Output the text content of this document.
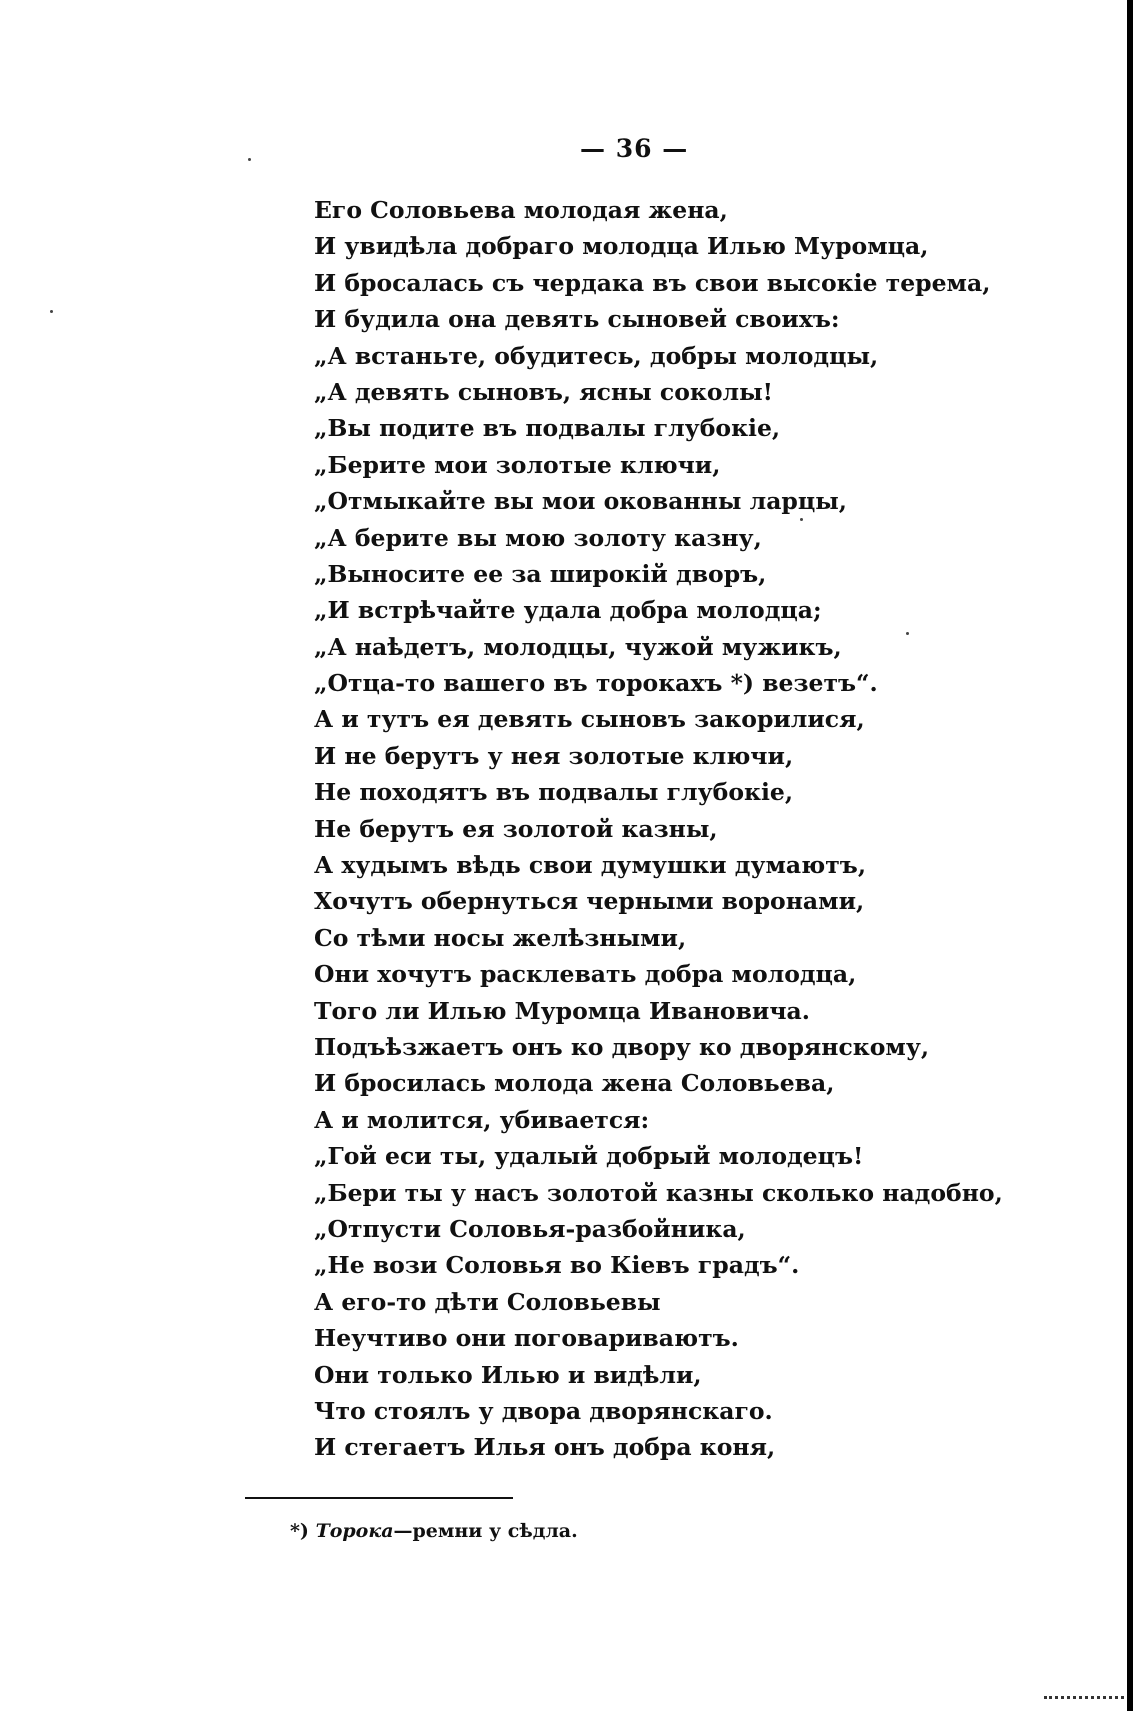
— 36 —
Его Соловьева молодая жена,
И увидѣла добраго молодца Илью Муромца,
И бросалась съ чердака въ свои высокiе терема,
И будила она девять сыновей своихъ:
„А встаньте, обудитесь, добры молодцы,
„А девять сыновъ, ясны соколы!
„Вы подите въ подвалы глубокiе,
„Берите мои золотые ключи,
„Отмыкайте вы мои окованны ларцы,
„А берите вы мою золоту казну,
„Выносите ее за широкiй дворъ,
„И встрѣчайте удала добра молодца;
„А наѣдетъ, молодцы, чужой мужикъ,
„Отца-то вашего въ торокахъ *) везетъ“.
А и тутъ ея девять сыновъ закорилися,
И не берутъ у нея золотые ключи,
Не походятъ въ подвалы глубокiе,
Не берутъ ея золотой казны,
А худымъ вѣдь свои думушки думаютъ,
Хочутъ обернуться черными воронами,
Со тѣми носы желѣзными,
Они хочутъ расклевать добра молодца,
Того ли Илью Муромца Ивановича.
Подъѣзжаетъ онъ ко двору ко дворянскому,
И бросилась молода жена Соловьева,
А и молится, убивается:
„Гой еси ты, удалый добрый молодецъ!
„Бери ты у насъ золотой казны сколько надобно,
„Отпусти Соловья-разбойника,
„Не вози Соловья во Кiевъ градъ“.
А его-то дѣти Соловьевы
Неучтиво они поговариваютъ.
Они только Илью и видѣли,
Что стоялъ у двора дворянскаго.
И стегаетъ Илья онъ добра коня,
*) Торока—ремни у сѣдла.
